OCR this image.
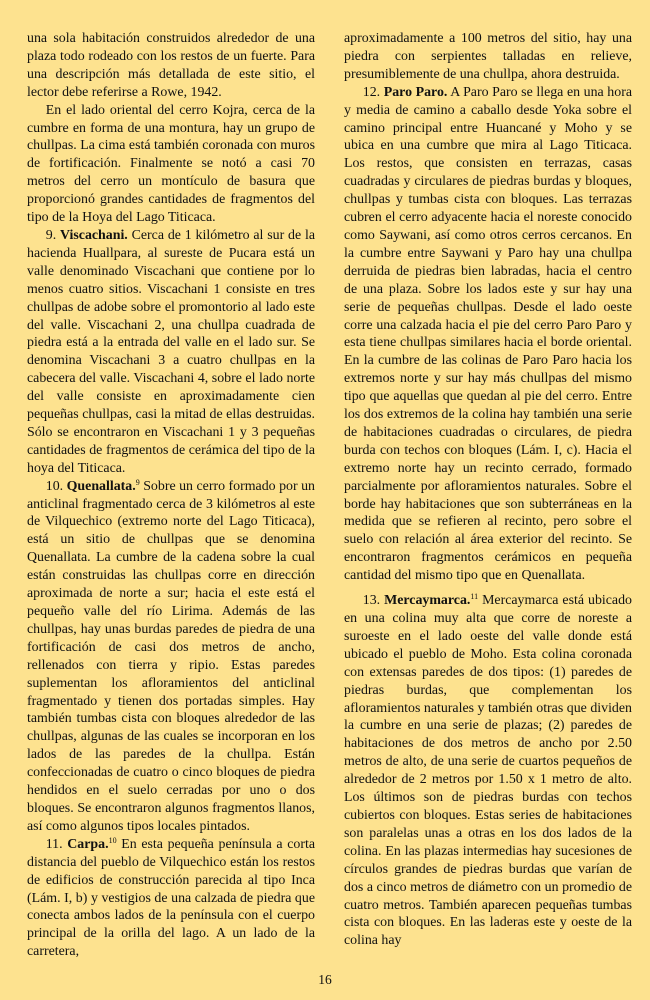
una sola habitación construidos alrededor de una plaza todo rodeado con los restos de un fuerte. Para una descripción más detallada de este sitio, el lector debe referirse a Rowe, 1942.

En el lado oriental del cerro Kojra, cerca de la cumbre en forma de una montura, hay un grupo de chullpas. La cima está también coronada con muros de fortificación. Finalmente se notó a casi 70 metros del cerro un montículo de basura que proporcionó grandes cantidades de fragmentos del tipo de la Hoya del Lago Titicaca.

9. Viscachani. Cerca de 1 kilómetro al sur de la hacienda Huallpara, al sureste de Pucara está un valle denominado Viscachani que contiene por lo menos cuatro sitios. Viscachani 1 consiste en tres chullpas de adobe sobre el promontorio al lado este del valle. Viscachani 2, una chullpa cuadrada de piedra está a la entrada del valle en el lado sur. Se denomina Viscachani 3 a cuatro chullpas en la cabecera del valle. Viscachani 4, sobre el lado norte del valle consiste en aproximadamente cien pequeñas chullpas, casi la mitad de ellas destruidas. Sólo se encontraron en Viscachani 1 y 3 pequeñas cantidades de fragmentos de cerámica del tipo de la hoya del Titicaca.

10. Quenallata.$^9$ Sobre un cerro formado por un anticlinal fragmentado cerca de 3 kilómetros al este de Vilquechico (extremo norte del Lago Titicaca), está un sitio de chullpas que se denomina Quenallata. La cumbre de la cadena sobre la cual están construidas las chullpas corre en dirección aproximada de norte a sur; hacia el este está el pequeño valle del río Lirima. Además de las chullpas, hay unas burdas paredes de piedra de una fortificación de casi dos metros de ancho, rellenados con tierra y ripio. Estas paredes suplementan los afloramientos del anticlinal fragmentado y tienen dos portadas simples. Hay también tumbas cista con bloques alrededor de las chullpas, algunas de las cuales se incorporan en los lados de las paredes de la chullpa. Están confeccionadas de cuatro o cinco bloques de piedra hendidos en el suelo cerradas por uno o dos bloques. Se encontraron algunos fragmentos llanos, así como algunos tipos locales pintados.

11. Carpa.$^{10}$ En esta pequeña península a corta distancia del pueblo de Vilquechico están los restos de edificios de construcción parecida al tipo Inca (Lám. I, b) y vestigios de una calzada de piedra que conecta ambos lados de la península con el cuerpo principal de la orilla del lago. A un lado de la carretera,

aproximadamente a 100 metros del sitio, hay una piedra con serpientes talladas en relieve, presumiblemente de una chullpa, ahora destruida.

12. Paro Paro. A Paro Paro se llega en una hora y media de camino a caballo desde Yoka sobre el camino principal entre Huancané y Moho y se ubica en una cumbre que mira al Lago Titicaca. Los restos, que consisten en terrazas, casas cuadradas y circulares de piedras burdas y bloques, chullpas y tumbas cista con bloques. Las terrazas cubren el cerro adyacente hacia el noreste conocido como Saywani, así como otros cerros cercanos. En la cumbre entre Saywani y Paro hay una chullpa derruida de piedras bien labradas, hacia el centro de una plaza. Sobre los lados este y sur hay una serie de pequeñas chullpas. Desde el lado oeste corre una calzada hacia el pie del cerro Paro Paro y esta tiene chullpas similares hacia el borde oriental. En la cumbre de las colinas de Paro Paro hacia los extremos norte y sur hay más chullpas del mismo tipo que aquellas que quedan al pie del cerro. Entre los dos extremos de la colina hay también una serie de habitaciones cuadradas o circulares, de piedra burda con techos con bloques (Lám. I, c). Hacia el extremo norte hay un recinto cerrado, formado parcialmente por afloramientos naturales. Sobre el borde hay habitaciones que son subterráneas en la medida que se refieren al recinto, pero sobre el suelo con relación al área exterior del recinto. Se encontraron fragmentos cerámicos en pequeña cantidad del mismo tipo que en Quenallata.

13. Mercaymarca.$^{11}$ Mercaymarca está ubicado en una colina muy alta que corre de noreste a suroeste en el lado oeste del valle donde está ubicado el pueblo de Moho. Esta colina coronada con extensas paredes de dos tipos: (1) paredes de piedras burdas, que complementan los afloramientos naturales y también otras que dividen la cumbre en una serie de plazas; (2) paredes de habitaciones de dos metros de ancho por 2.50 metros de alto, de una serie de cuartos pequeños de alrededor de 2 metros por 1.50 x 1 metro de alto. Los últimos son de piedras burdas con techos cubiertos con bloques. Estas series de habitaciones son paralelas unas a otras en los dos lados de la colina. En las plazas intermedias hay sucesiones de círculos grandes de piedras burdas que varían de dos a cinco metros de diámetro con un promedio de cuatro metros. También aparecen pequeñas tumbas cista con bloques. En las laderas este y oeste de la colina hay

16
